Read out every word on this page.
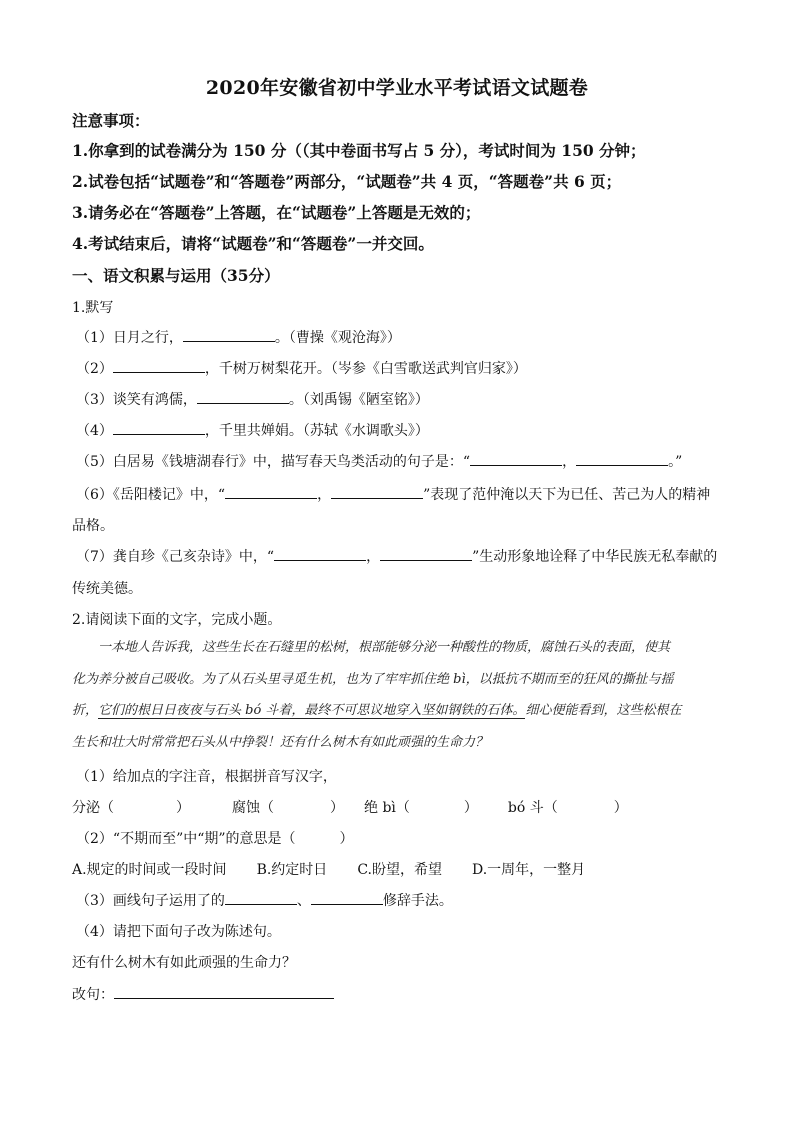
2020年安徽省初中学业水平考试语文试题卷
注意事项：
1.你拿到的试卷满分为 150 分（（其中卷面书写占 5 分），考试时间为 150 分钟；
2.试卷包括“试题卷”和“答题卷”两部分，“试题卷”共 4 页，“答题卷”共 6 页；
3.请务必在“答题卷”上答题，在“试题卷”上答题是无效的；
4.考试结束后，请将“试题卷”和“答题卷”一并交回。
一、语文积累与运用（35分）
1.默写
（1）日月之行，	。（曹操《观沧海》）
（2）	，千树万树梨花开。（岑参《白雪歌送武判官归家》）
（3）谈笑有鸿儒，	。（刘禹锡《陋室铭》）
（4）	，千里共婵娟。（苏轼《水调歌头》）
（5）白居易《钱塘湖春行》中，描写春天鸟类活动的句子是：“	，	。”
（6）《岳阳楼记》中，“	，	”表现了范仲淹以天下为已任、苦己为人的精神
品格。
（7）龚自珍《己亥杂诗》中，“	，	”生动形象地诠释了中华民族无私奉献的
传统美德。
2.请阅读下面的文字，完成小题。
一本地人告诉我，这些生长在石缝里的松树，根部能够分泌一种酸性的物质，腐蚀石头的表面，使其
化为养分被自己吸收。为了从石头里寻觅生机，也为了牢牢抓住绝 bì，以抵抗不期而至的狂风的撕扯与摇
折，它们的根日日夜夜与石头 bó 斗着，最终不可思议地穿入坚如钢铁的石体。细心便能看到，这些松根在
生长和壮大时常常把石头从中挣裂！还有什么树木有如此顽强的生命力？
（1）给加点的字注音，根据拼音写汉字，
分泌（	）	腐蚀（	） 绝 bì（	） bó 斗（	）
（2）“不期而至”中“期”的意思是（	）
A.规定的时间或一段时间 B.约定时日 C.盼望，希望 D.一周年，一整月
（3）画线句子运用了的	、	修辞手法。
（4）请把下面句子改为陈述句。
还有什么树木有如此顽强的生命力？
改句：
